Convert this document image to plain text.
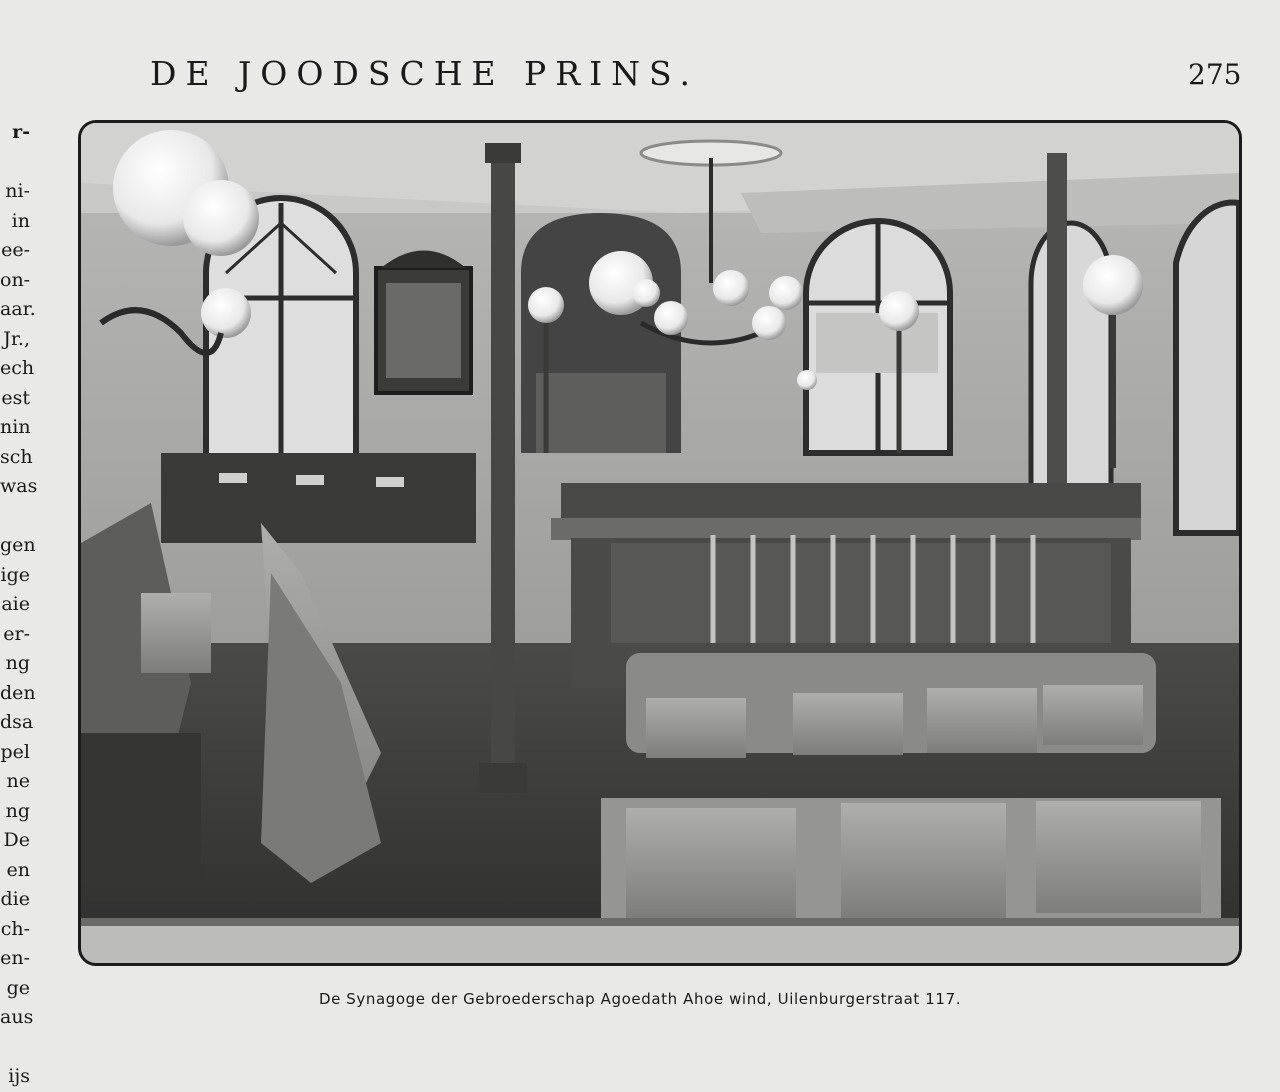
DE JOODSCHE PRINS.	275
r-

ni-
in
ee-
on-
aar.
Jr.,
ech
est
nin
sch
was

gen
ige
aie
er-
ng
den
dsa
pel
ne
ng
De
en
die
ch-
en-
ge
aus

ijs
De Synagoge der Gebroederschap Agoedath Ahoe wind, Uilenburgerstraat 117.
